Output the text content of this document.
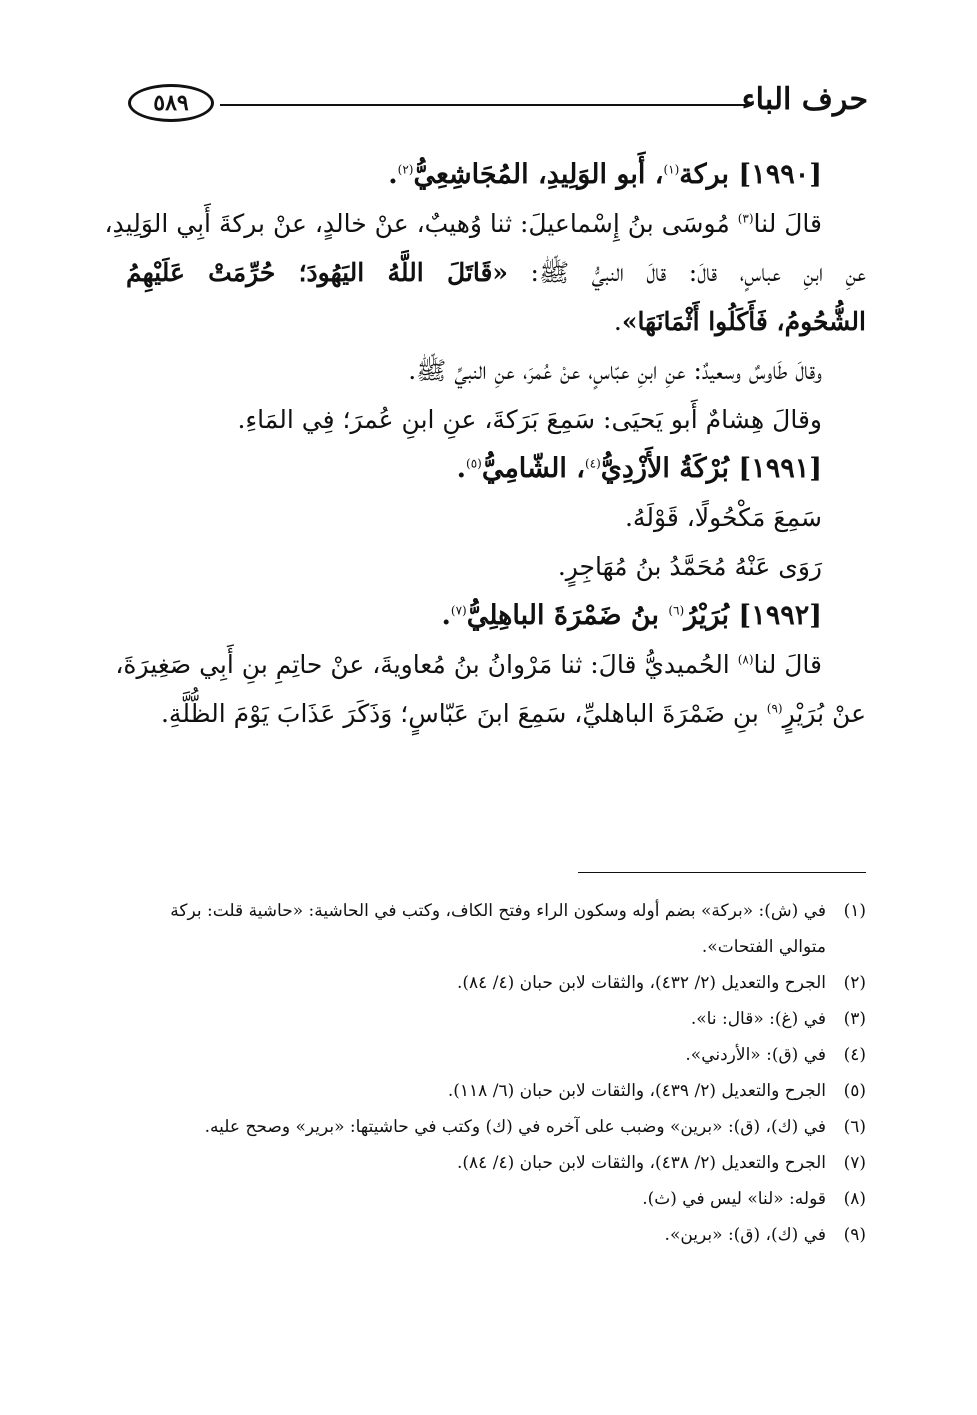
٥٨٩	حرف الباء
[١٩٩٠] بركة$^{(١)}$، أَبو الوَلِيدِ، المُجَاشِعِيُّ$^{(٢)}$.
قالَ لنا$^{(٣)}$ مُوسَى بنُ إِسْماعيلَ: ثنا وُهيبٌ، عنْ خالدٍ، عنْ بركةَ أَبِي الوَلِيدِ،
عنِ ابنِ عباسٍ، قالَ: قالَ النبيُّ ﷺ: «قَاتَلَ اللَّهُ اليَهُودَ؛ حُرِّمَتْ عَلَيْهِمُ
الشُّحُومُ، فَأَكَلُوا أَثْمَانَهَا».
وقالَ طَاوسٌ وسعيدٌ: عنِ ابنِ عبّاسٍ، عنْ عُمرَ، عنِ النبيِّ ﷺ.
وقالَ هِشامٌ أَبو يَحيَى: سَمِعَ بَرَكةَ، عنِ ابنِ عُمرَ؛ فِي المَاءِ.
[١٩٩١] بُرْكَةُ الأَزْدِيُّ$^{(٤)}$، الشّامِيُّ$^{(٥)}$.
سَمِعَ مَكْحُولًا، قَوْلَهُ.
رَوَى عَنْهُ مُحَمَّدُ بنُ مُهَاجِرٍ.
[١٩٩٢] بُرَيْرُ$^{(٦)}$ بنُ ضَمْرَةَ الباهِلِيُّ$^{(٧)}$.
قالَ لنا$^{(٨)}$ الحُميديُّ قالَ: ثنا مَرْوانُ بنُ مُعاويةَ، عنْ حاتِمِ بنِ أَبِي صَغِيرَةَ،
عنْ بُرَيْرٍ$^{(٩)}$ بنِ ضَمْرَةَ الباهليِّ، سَمِعَ ابنَ عَبّاسٍ؛ وَذَكَرَ عَذَابَ يَوْمَ الظُّلَّةِ.
(١)
في (ش): «بركة» بضم أوله وسكون الراء وفتح الكاف، وكتب في الحاشية: «حاشية قلت: بركة متوالي الفتحات».
(٢)
الجرح والتعديل (٢/ ٤٣٢)، والثقات لابن حبان (٤/ ٨٤).
(٣)
في (غ): «قال: نا».
(٤)
في (ق): «الأردني».
(٥)
الجرح والتعديل (٢/ ٤٣٩)، والثقات لابن حبان (٦/ ١١٨).
(٦)
في (ك)، (ق): «برين» وضبب على آخره في (ك) وكتب في حاشيتها: «برير» وصحح عليه.
(٧)
الجرح والتعديل (٢/ ٤٣٨)، والثقات لابن حبان (٤/ ٨٤).
(٨)
قوله: «لنا» ليس في (ث).
(٩)
في (ك)، (ق): «برين».
